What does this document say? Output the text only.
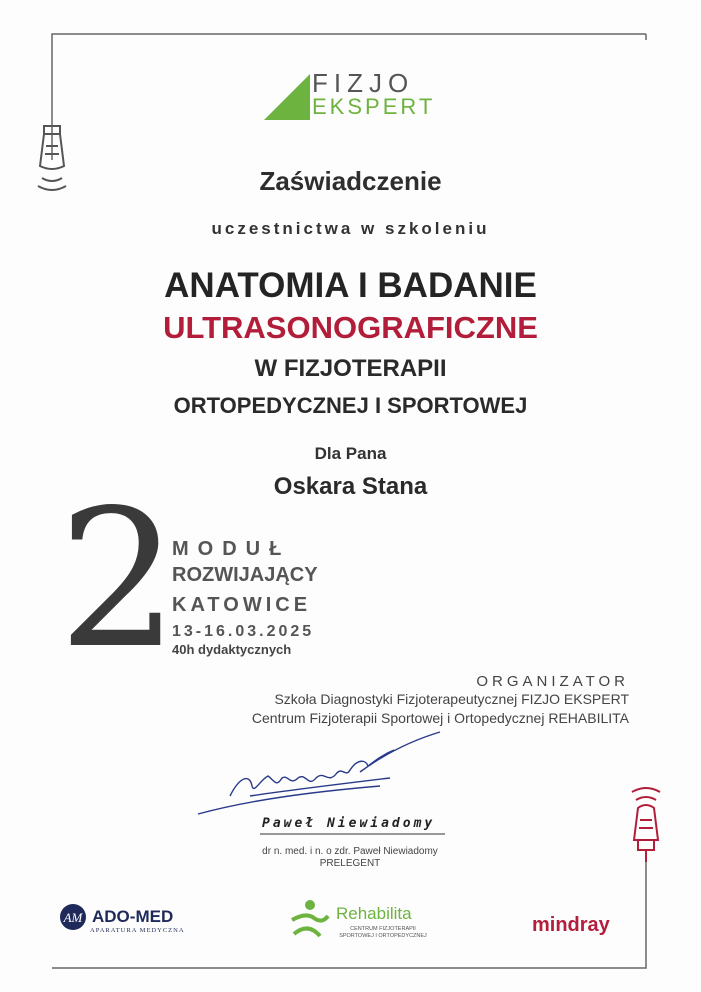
FIZJO
EKSPERT
Zaświadczenie
uczestnictwa w szkoleniu
ANATOMIA I BADANIE
ULTRASONOGRAFICZNE
W FIZJOTERAPII
ORTOPEDYCZNEJ I SPORTOWEJ
Dla Pana
Oskara Stana
2
MODUŁ
ROZWIJAJĄCY
KATOWICE
13-16.03.2025
40h dydaktycznych
ORGANIZATOR
Szkoła Diagnostyki Fizjoterapeutycznej FIZJO EKSPERT
Centrum Fizjoterapii Sportowej i Ortopedycznej REHABILITA
Paweł Niewiadomy
dr n. med. i n. o zdr. Paweł Niewiadomy
PRELEGENT
AM ADO-MED
APARATURA MEDYCZNA
Rehabilita
CENTRUM FIZJOTERAPII
SPORTOWEJ I ORTOPEDYCZNEJ	mindray
